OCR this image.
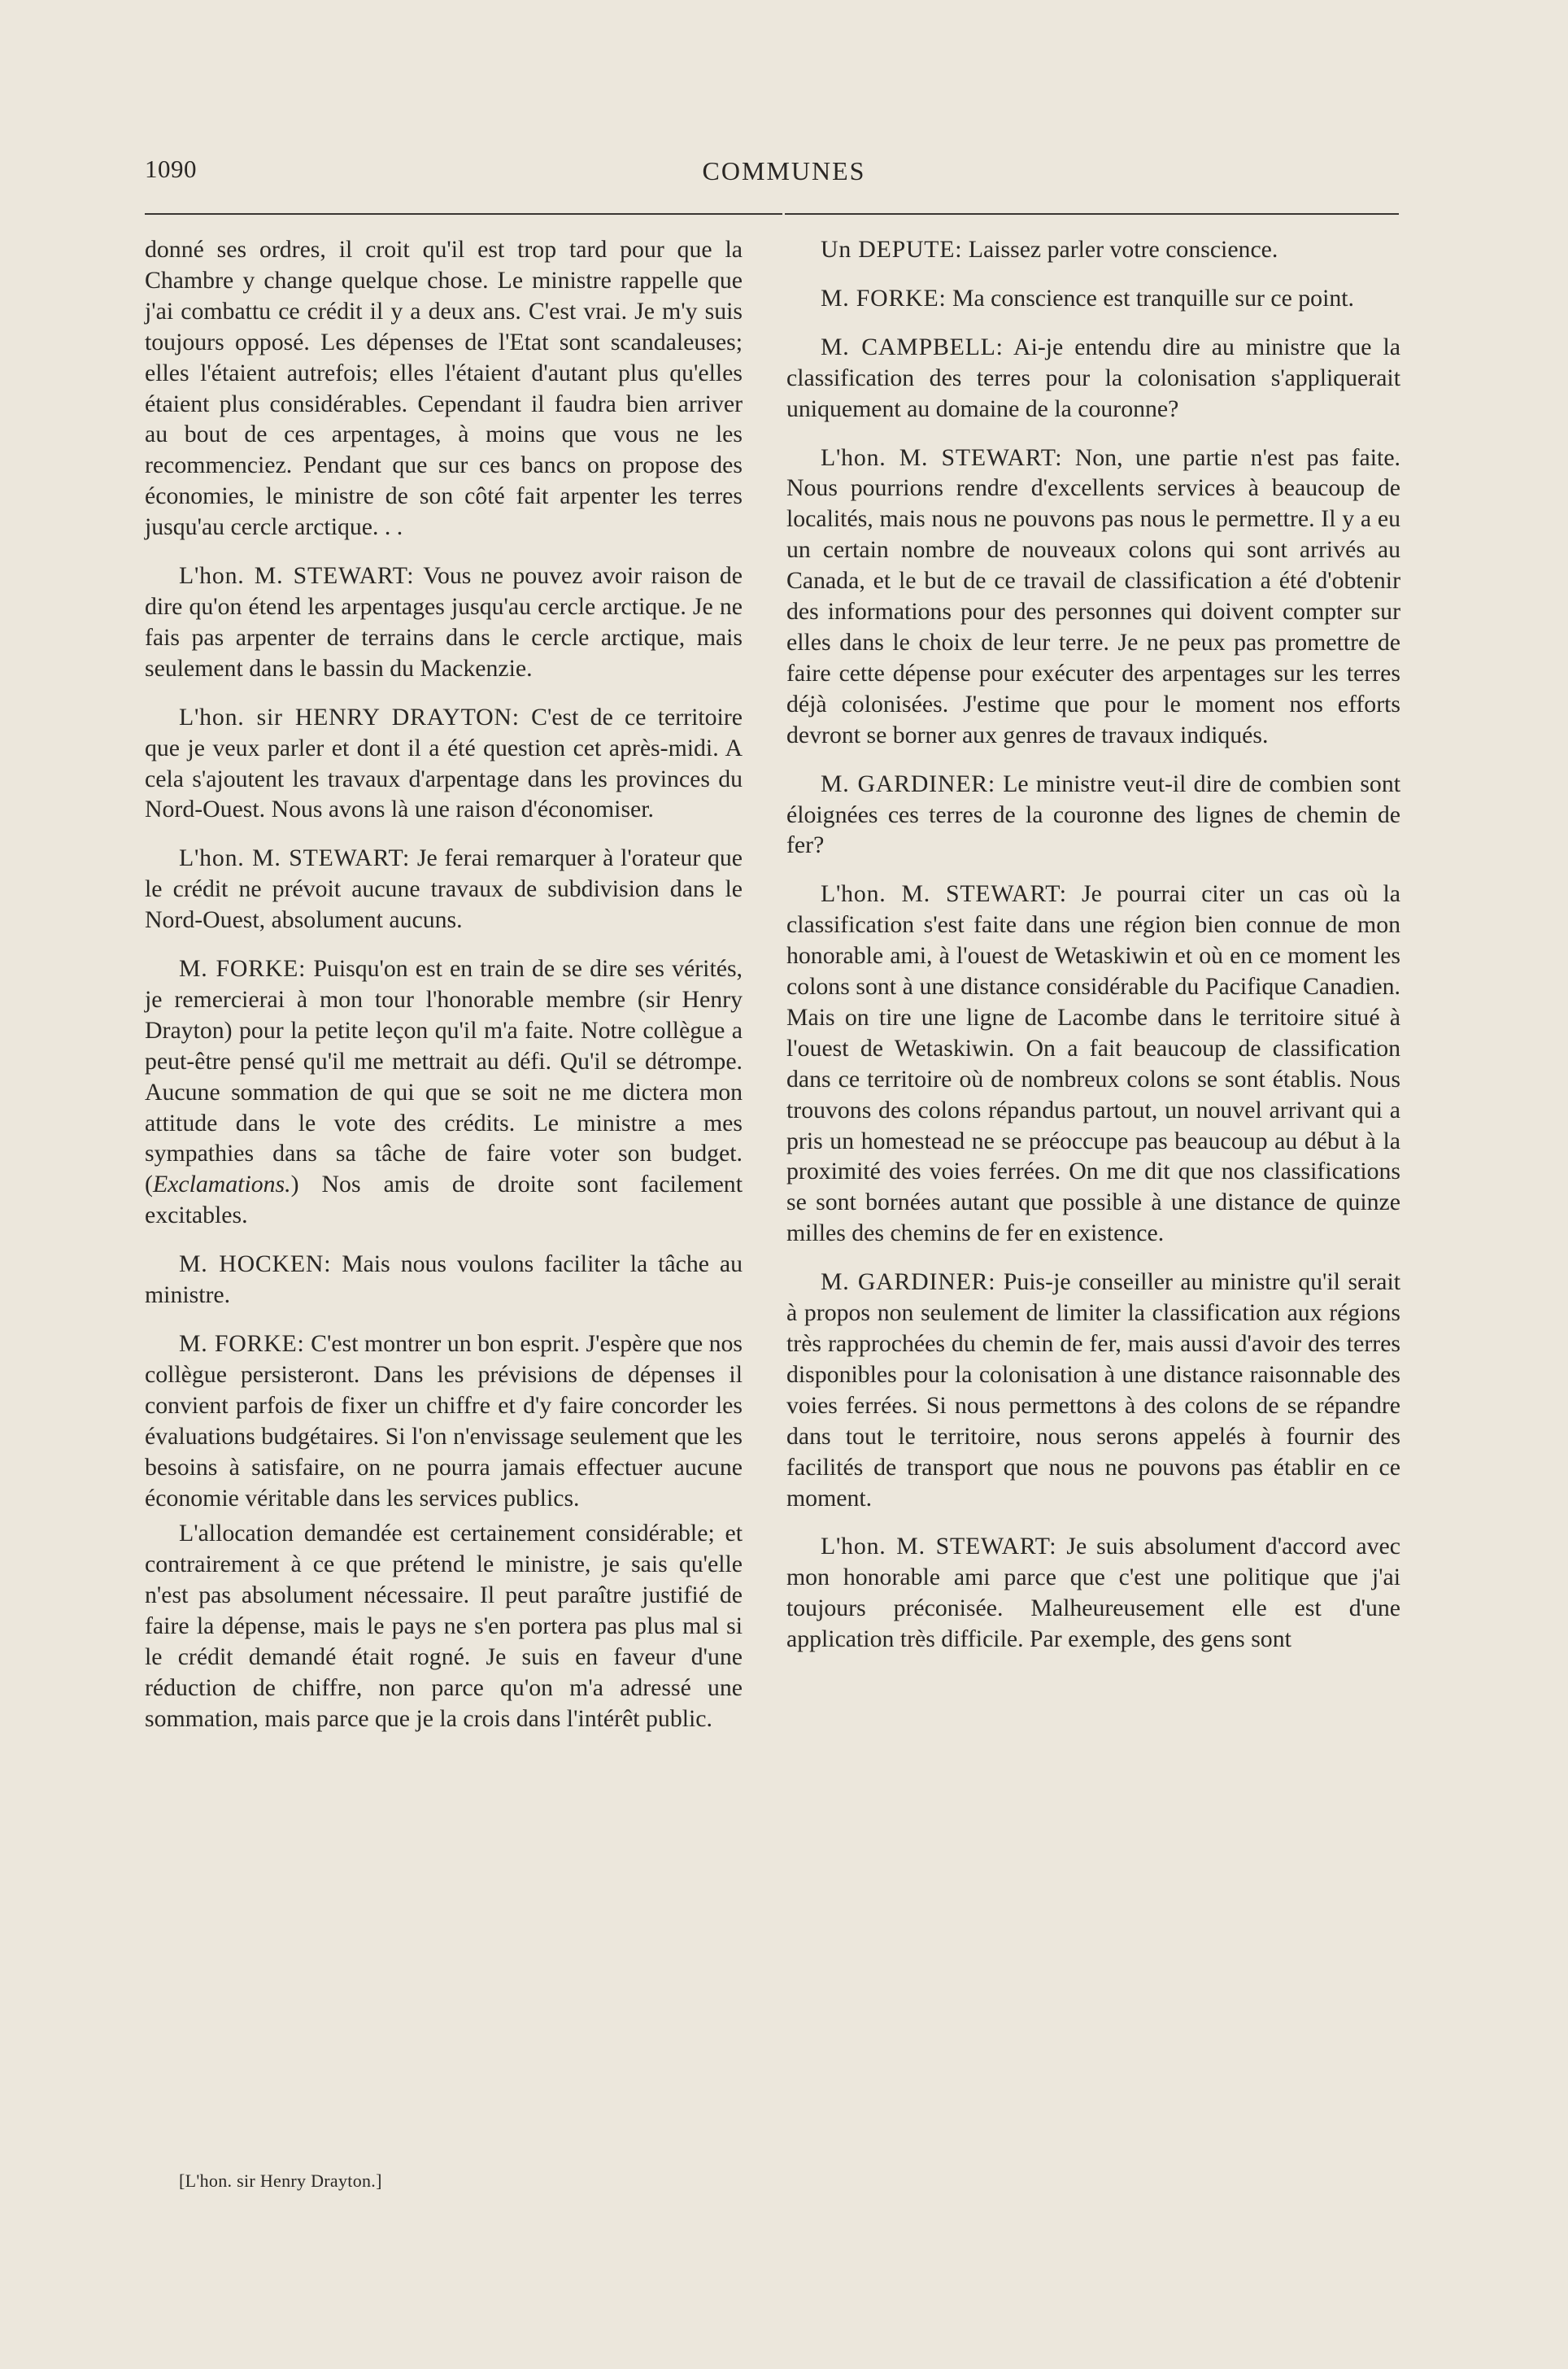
1090	COMMUNES

donné ses ordres, il croit qu'il est trop tard pour que la Chambre y change quelque chose. Le ministre rappelle que j'ai combattu ce crédit il y a deux ans. C'est vrai. Je m'y suis toujours opposé. Les dépenses de l'Etat sont scandaleuses; elles l'étaient autrefois; elles l'étaient d'autant plus qu'elles étaient plus considérables. Cependant il faudra bien arriver au bout de ces arpentages, à moins que vous ne les recommenciez. Pendant que sur ces bancs on propose des économies, le ministre de son côté fait arpenter les terres jusqu'au cercle arctique. . .

L'hon. M. STEWART: Vous ne pouvez avoir raison de dire qu'on étend les arpentages jusqu'au cercle arctique. Je ne fais pas arpenter de terrains dans le cercle arctique, mais seulement dans le bassin du Mackenzie.

L'hon. sir HENRY DRAYTON: C'est de ce territoire que je veux parler et dont il a été question cet après-midi. A cela s'ajoutent les travaux d'arpentage dans les provinces du Nord-Ouest. Nous avons là une raison d'économiser.

L'hon. M. STEWART: Je ferai remarquer à l'orateur que le crédit ne prévoit aucune travaux de subdivision dans le Nord-Ouest, absolument aucuns.

M. FORKE: Puisqu'on est en train de se dire ses vérités, je remercierai à mon tour l'honorable membre (sir Henry Drayton) pour la petite leçon qu'il m'a faite. Notre collègue a peut-être pensé qu'il me mettrait au défi. Qu'il se détrompe. Aucune sommation de qui que se soit ne me dictera mon attitude dans le vote des crédits. Le ministre a mes sympathies dans sa tâche de faire voter son budget. (Exclamations.) Nos amis de droite sont facilement excitables.

M. HOCKEN: Mais nous voulons faciliter la tâche au ministre.

M. FORKE: C'est montrer un bon esprit. J'espère que nos collègue persisteront. Dans les prévisions de dépenses il convient parfois de fixer un chiffre et d'y faire concorder les évaluations budgétaires. Si l'on n'envissage seulement que les besoins à satisfaire, on ne pourra jamais effectuer aucune économie véritable dans les services publics.

L'allocation demandée est certainement considérable; et contrairement à ce que prétend le ministre, je sais qu'elle n'est pas absolument nécessaire. Il peut paraître justifié de faire la dépense, mais le pays ne s'en portera pas plus mal si le crédit demandé était rogné. Je suis en faveur d'une réduction de chiffre, non parce qu'on m'a adressé une sommation, mais parce que je la crois dans l'intérêt public.

Un DEPUTE: Laissez parler votre conscience.

M. FORKE: Ma conscience est tranquille sur ce point.

M. CAMPBELL: Ai-je entendu dire au ministre que la classification des terres pour la colonisation s'appliquerait uniquement au domaine de la couronne?

L'hon. M. STEWART: Non, une partie n'est pas faite. Nous pourrions rendre d'excellents services à beaucoup de localités, mais nous ne pouvons pas nous le permettre. Il y a eu un certain nombre de nouveaux colons qui sont arrivés au Canada, et le but de ce travail de classification a été d'obtenir des informations pour des personnes qui doivent compter sur elles dans le choix de leur terre. Je ne peux pas promettre de faire cette dépense pour exécuter des arpentages sur les terres déjà colonisées. J'estime que pour le moment nos efforts devront se borner aux genres de travaux indiqués.

M. GARDINER: Le ministre veut-il dire de combien sont éloignées ces terres de la couronne des lignes de chemin de fer?

L'hon. M. STEWART: Je pourrai citer un cas où la classification s'est faite dans une région bien connue de mon honorable ami, à l'ouest de Wetaskiwin et où en ce moment les colons sont à une distance considérable du Pacifique Canadien. Mais on tire une ligne de Lacombe dans le territoire situé à l'ouest de Wetaskiwin. On a fait beaucoup de classification dans ce territoire où de nombreux colons se sont établis. Nous trouvons des colons répandus partout, un nouvel arrivant qui a pris un homestead ne se préoccupe pas beaucoup au début à la proximité des voies ferrées. On me dit que nos classifications se sont bornées autant que possible à une distance de quinze milles des chemins de fer en existence.

M. GARDINER: Puis-je conseiller au ministre qu'il serait à propos non seulement de limiter la classification aux régions très rapprochées du chemin de fer, mais aussi d'avoir des terres disponibles pour la colonisation à une distance raisonnable des voies ferrées. Si nous permettons à des colons de se répandre dans tout le territoire, nous serons appelés à fournir des facilités de transport que nous ne pouvons pas établir en ce moment.

L'hon. M. STEWART: Je suis absolument d'accord avec mon honorable ami parce que c'est une politique que j'ai toujours préconisée. Malheureusement elle est d'une application très difficile. Par exemple, des gens sont

[L'hon. sir Henry Drayton.]
